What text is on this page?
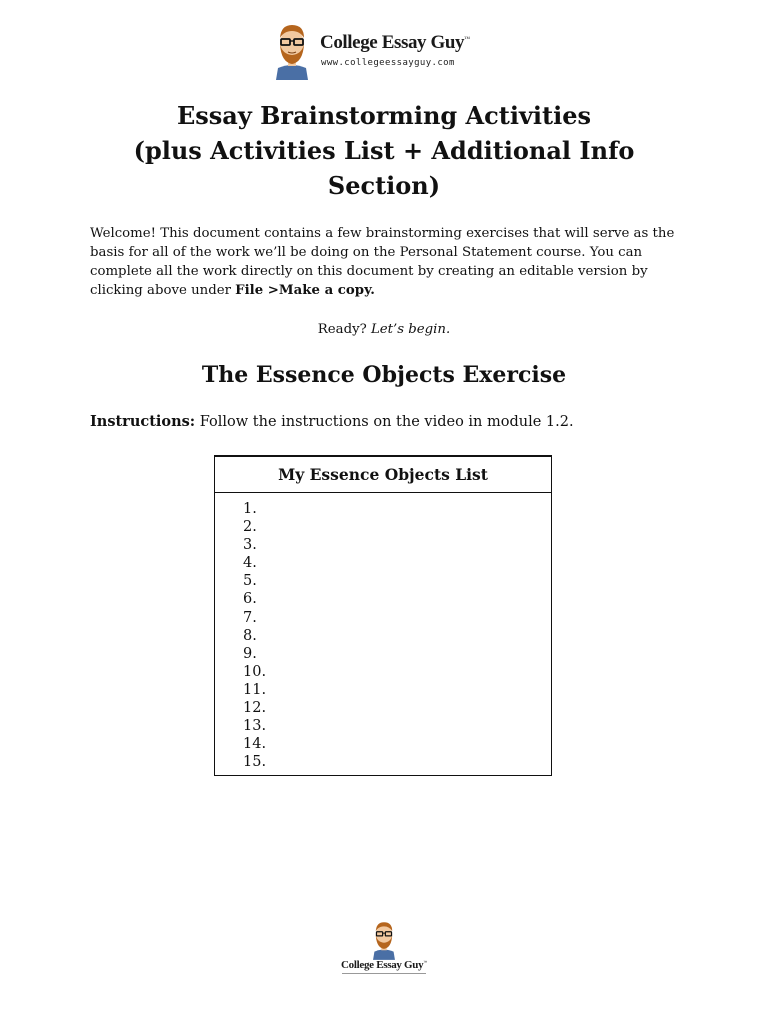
College Essay Guy™
www.collegeessayguy.com
Essay Brainstorming Activities
(plus Activities List + Additional Info
Section)

Welcome! This document contains a few brainstorming exercises that will serve as the basis for all of the work we’ll be doing on the Personal Statement course. You can complete all the work directly on this document by creating an editable version by clicking above under File >Make a copy.

Ready? Let’s begin.
The Essence Objects Exercise
Instructions: Follow the instructions on the video in module 1.2.
My Essence Objects List
1.
2.
3.
4.
5.
6.
7.
8.
9.
10.
11.
12.
13.
14.
15.
College Essay Guy™
